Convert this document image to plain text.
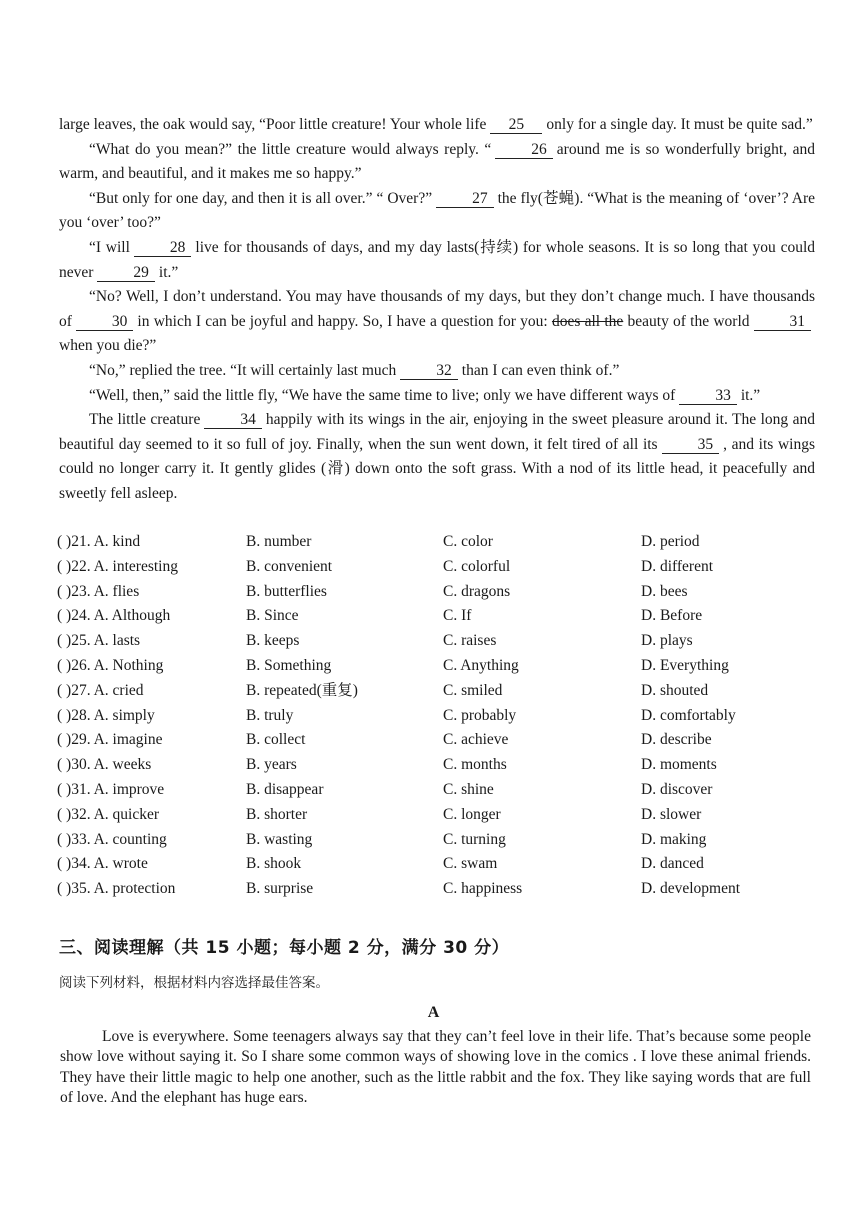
large leaves, the oak would say, “Poor little creature! Your whole life 25 only for a single day. It must be quite sad.”

“What do you mean?” the little creature would always reply. “	26 around me is so wonderfully bright, and warm, and beautiful, and it makes me so happy.”

“But only for one day, and then it is all over.” “ Over?”	27 the fly(苍蝇). “What is the meaning of ‘over’? Are you ‘over’ too?”

“I will	28 live for thousands of days, and my day lasts(持续) for whole seasons. It is so long that you could never	29 it.”

“No? Well, I don’t understand. You may have thousands of my days, but they don’t change much. I have thousands of	30 in which I can be joyful and happy. So, I have a question for you: does all the beauty of the world	31when you die?”

“No,” replied the tree. “It will certainly last much	32 than I can even think of.”

“Well, then,” said the little fly, “We have the same time to live; only we have different ways of	33 it.”

The little creature	34 happily with its wings in the air, enjoying in the sweet pleasure around it. The long and beautiful day seemed to it so full of joy. Finally, when the sun went down, it felt tired of all its	35 , and its wings could no longer carry it. It gently glides (滑) down onto the soft grass. With a nod of its little head, it peacefully and sweetly fell asleep.

( )21. A. kind	B. number	C. color	D. period
( )22. A. interesting	B. convenient	C. colorful	D. different
( )23. A. flies	B. butterflies	C. dragons	D. bees
( )24. A. Although	B. Since	C. If	D. Before
( )25. A. lasts	B. keeps	C. raises	D. plays
( )26. A. Nothing	B. Something	C. Anything	D. Everything
( )27. A. cried	B. repeated(重复)	C. smiled	D. shouted
( )28. A. simply	B. truly	C. probably	D. comfortably
( )29. A. imagine	B. collect	C. achieve	D. describe
( )30. A. weeks	B. years	C. months	D. moments
( )31. A. improve	B. disappear	C. shine	D. discover
( )32. A. quicker	B. shorter	C. longer	D. slower
( )33. A. counting	B. wasting	C. turning	D. making
( )34. A. wrote	B. shook	C. swam	D. danced
( )35. A. protection	B. surprise	C. happiness	D. development
三、阅读理解（共 15 小题；每小题 2 分，满分 30 分）
阅读下列材料，根据材料内容选择最佳答案。
A

Love is everywhere. Some teenagers always say that they can’t feel love in their life. That’s because some people show love without saying it. So I share some common ways of showing love in the comics . I love these animal friends. They have their little magic to help one another, such as the little rabbit and the fox. They like saying words that are full of love. And the elephant has huge ears.
